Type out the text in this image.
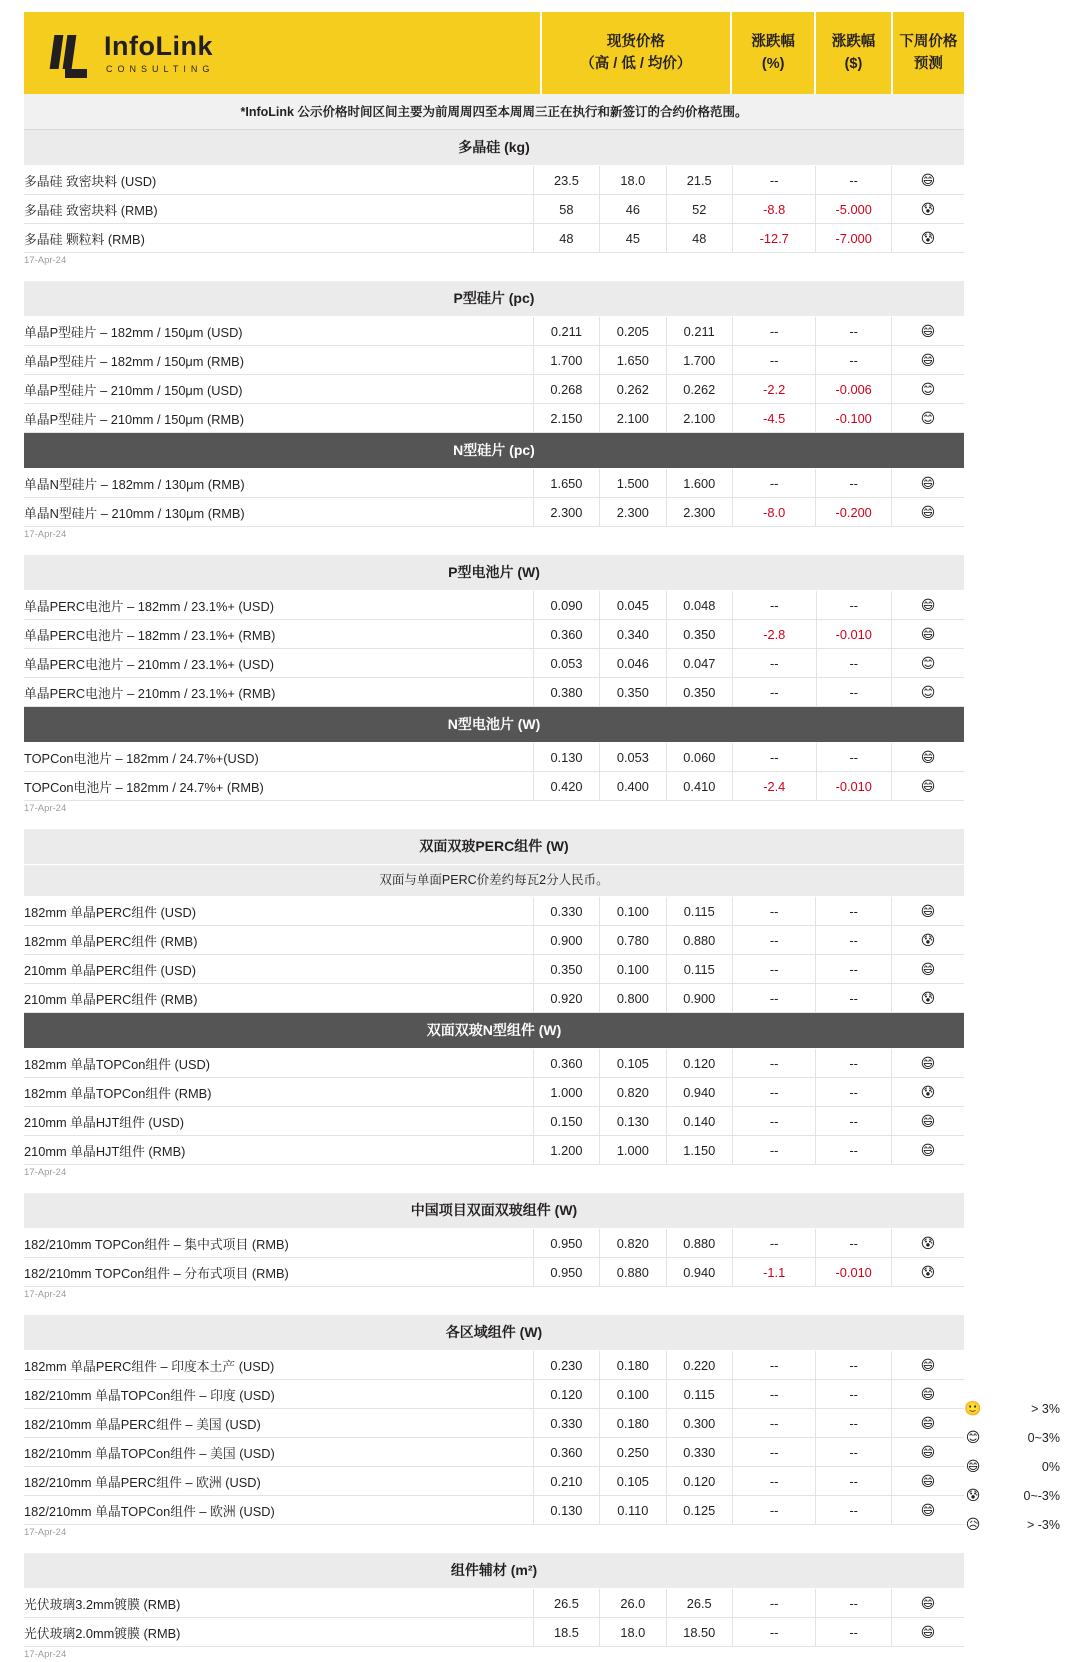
InfoLink
CONSULTING
现货价格
（高 / 低 / 均价）
涨跌幅
(%)
涨跌幅
($)
下周价格
预测
*InfoLink 公示价格时间区间主要为前周周四至本周周三正在执行和新签订的合约价格范围。
多晶硅 (kg)						
多晶硅 致密块料 (USD)	23.5	18.0	21.5	--	--	😄
多晶硅 致密块料 (RMB)	58	46	52	-8.8	-5.000	😰
多晶硅 颗粒料 (RMB)	48	45	48	-12.7	-7.000	😰
17-Apr-24
P型硅片 (pc)						
单晶P型硅片 – 182mm / 150μm (USD)	0.211	0.205	0.211	--	--	😄
单晶P型硅片 – 182mm / 150μm (RMB)	1.700	1.650	1.700	--	--	😄
单晶P型硅片 – 210mm / 150μm (USD)	0.268	0.262	0.262	-2.2	-0.006	😊
单晶P型硅片 – 210mm / 150μm (RMB)	2.150	2.100	2.100	-4.5	-0.100	😊
N型硅片 (pc)						
单晶N型硅片 – 182mm / 130μm (RMB)	1.650	1.500	1.600	--	--	😄
单晶N型硅片 – 210mm / 130μm (RMB)	2.300	2.300	2.300	-8.0	-0.200	😄
17-Apr-24
P型电池片 (W)						
单晶PERC电池片 – 182mm / 23.1%+ (USD)	0.090	0.045	0.048	--	--	😄
单晶PERC电池片 – 182mm / 23.1%+ (RMB)	0.360	0.340	0.350	-2.8	-0.010	😄
单晶PERC电池片 – 210mm / 23.1%+ (USD)	0.053	0.046	0.047	--	--	😊
单晶PERC电池片 – 210mm / 23.1%+ (RMB)	0.380	0.350	0.350	--	--	😊
N型电池片 (W)						
TOPCon电池片 – 182mm / 24.7%+(USD)	0.130	0.053	0.060	--	--	😄
TOPCon电池片 – 182mm / 24.7%+ (RMB)	0.420	0.400	0.410	-2.4	-0.010	😄
17-Apr-24
双面双玻PERC组件 (W)						
双面与单面PERC价差约每瓦2分人民币。						
182mm 单晶PERC组件 (USD)	0.330	0.100	0.115	--	--	😄
182mm 单晶PERC组件 (RMB)	0.900	0.780	0.880	--	--	😰
210mm 单晶PERC组件 (USD)	0.350	0.100	0.115	--	--	😄
210mm 单晶PERC组件 (RMB)	0.920	0.800	0.900	--	--	😰
双面双玻N型组件 (W)						
182mm 单晶TOPCon组件 (USD)	0.360	0.105	0.120	--	--	😄
182mm 单晶TOPCon组件 (RMB)	1.000	0.820	0.940	--	--	😰
210mm 单晶HJT组件 (USD)	0.150	0.130	0.140	--	--	😄
210mm 单晶HJT组件 (RMB)	1.200	1.000	1.150	--	--	😄
17-Apr-24
中国项目双面双玻组件 (W)						
182/210mm TOPCon组件 – 集中式项目 (RMB)	0.950	0.820	0.880	--	--	😰
182/210mm TOPCon组件 – 分布式项目 (RMB)	0.950	0.880	0.940	-1.1	-0.010	😰
17-Apr-24
各区域组件 (W)						
182mm 单晶PERC组件 – 印度本土产 (USD)	0.230	0.180	0.220	--	--	😄
182/210mm 单晶TOPCon组件 – 印度 (USD)	0.120	0.100	0.115	--	--	😄
182/210mm 单晶PERC组件 – 美国 (USD)	0.330	0.180	0.300	--	--	😄
182/210mm 单晶TOPCon组件 – 美国 (USD)	0.360	0.250	0.330	--	--	😄
182/210mm 单晶PERC组件 – 欧洲 (USD)	0.210	0.105	0.120	--	--	😄
182/210mm 单晶TOPCon组件 – 欧洲 (USD)	0.130	0.110	0.125	--	--	😄
17-Apr-24
组件辅材 (m²)						
光伏玻璃3.2mm镀膜 (RMB)	26.5	26.0	26.5	--	--	😄
光伏玻璃2.0mm镀膜 (RMB)	18.5	18.0	18.50	--	--	😄
17-Apr-24
🙂	> 3%
😊	0~3%
😄	0%
😰	0~-3%
😥	> -3%
